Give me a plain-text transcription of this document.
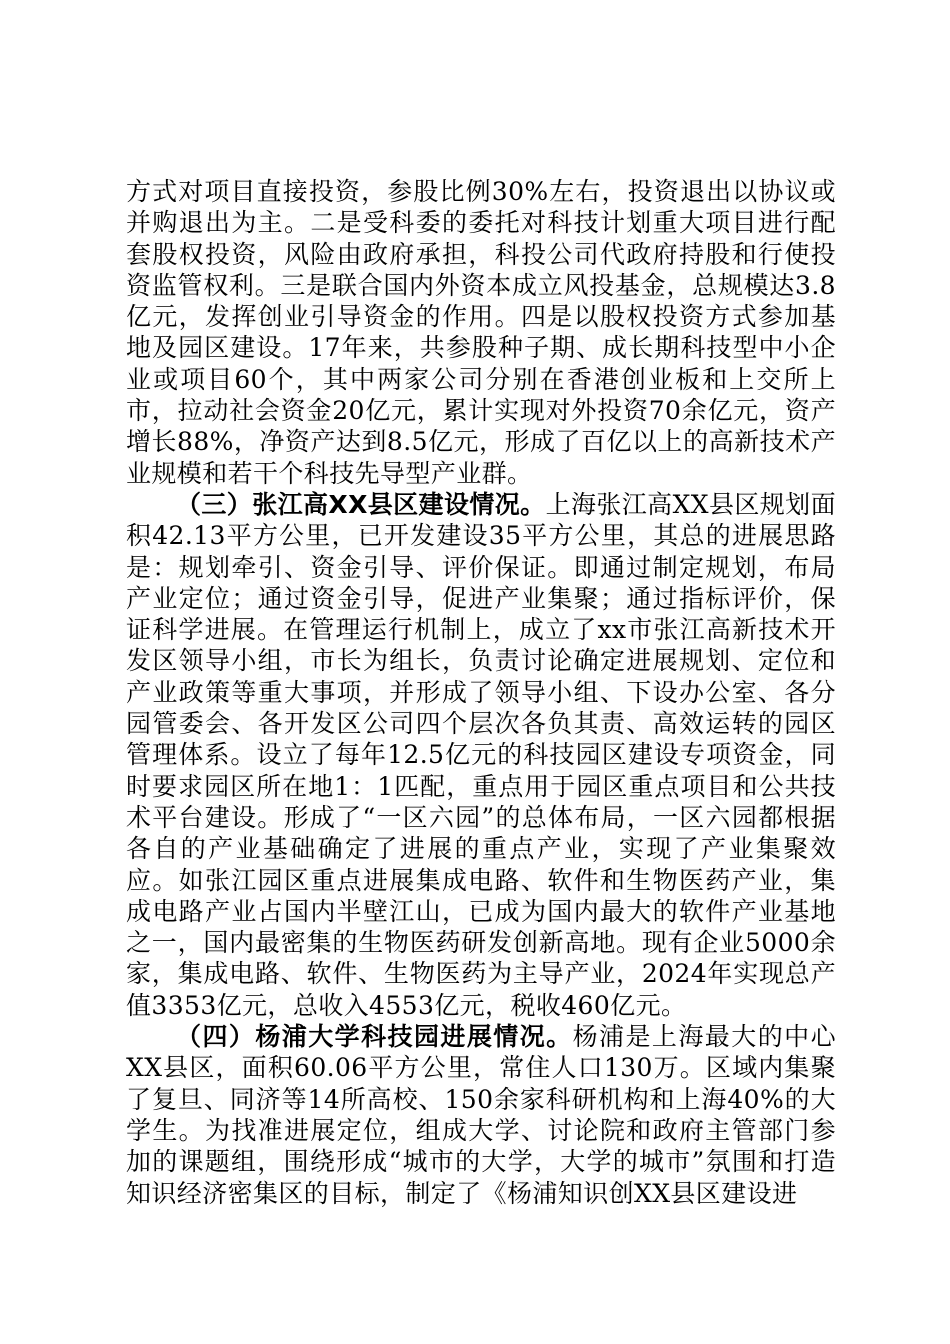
方式对项目直接投资，参股比例30%左右，投资退出以协议或并购退出为主。二是受科委的委托对科技计划重大项目进行配套股权投资，风险由政府承担，科投公司代政府持股和行使投资监管权利。三是联合国内外资本成立风投基金，总规模达3.8亿元，发挥创业引导资金的作用。四是以股权投资方式参加基地及园区建设。17年来，共参股种子期、成长期科技型中小企业或项目60个，其中两家公司分别在香港创业板和上交所上市，拉动社会资金20亿元，累计实现对外投资70余亿元，资产增长88%，净资产达到8.5亿元，形成了百亿以上的高新技术产业规模和若干个科技先导型产业群。

（三）张江高XX县区建设情况。上海张江高XX县区规划面积42.13平方公里，已开发建设35平方公里，其总的进展思路是：规划牵引、资金引导、评价保证。即通过制定规划，布局产业定位；通过资金引导，促进产业集聚；通过指标评价，保证科学进展。在管理运行机制上，成立了xx市张江高新技术开发区领导小组，市长为组长，负责讨论确定进展规划、定位和产业政策等重大事项，并形成了领导小组、下设办公室、各分园管委会、各开发区公司四个层次各负其责、高效运转的园区管理体系。设立了每年12.5亿元的科技园区建设专项资金，同时要求园区所在地1：1匹配，重点用于园区重点项目和公共技术平台建设。形成了“一区六园”的总体布局，一区六园都根据各自的产业基础确定了进展的重点产业，实现了产业集聚效应。如张江园区重点进展集成电路、软件和生物医药产业，集成电路产业占国内半壁江山，已成为国内最大的软件产业基地之一，国内最密集的生物医药研发创新高地。现有企业5000余家，集成电路、软件、生物医药为主导产业，2024年实现总产值3353亿元，总收入4553亿元，税收460亿元。

（四）杨浦大学科技园进展情况。杨浦是上海最大的中心XX县区，面积60.06平方公里，常住人口130万。区域内集聚了复旦、同济等14所高校、150余家科研机构和上海40%的大学生。为找准进展定位，组成大学、讨论院和政府主管部门参加的课题组，围绕形成“城市的大学，大学的城市”氛围和打造知识经济密集区的目标，制定了《杨浦知识创XX县区建设进
